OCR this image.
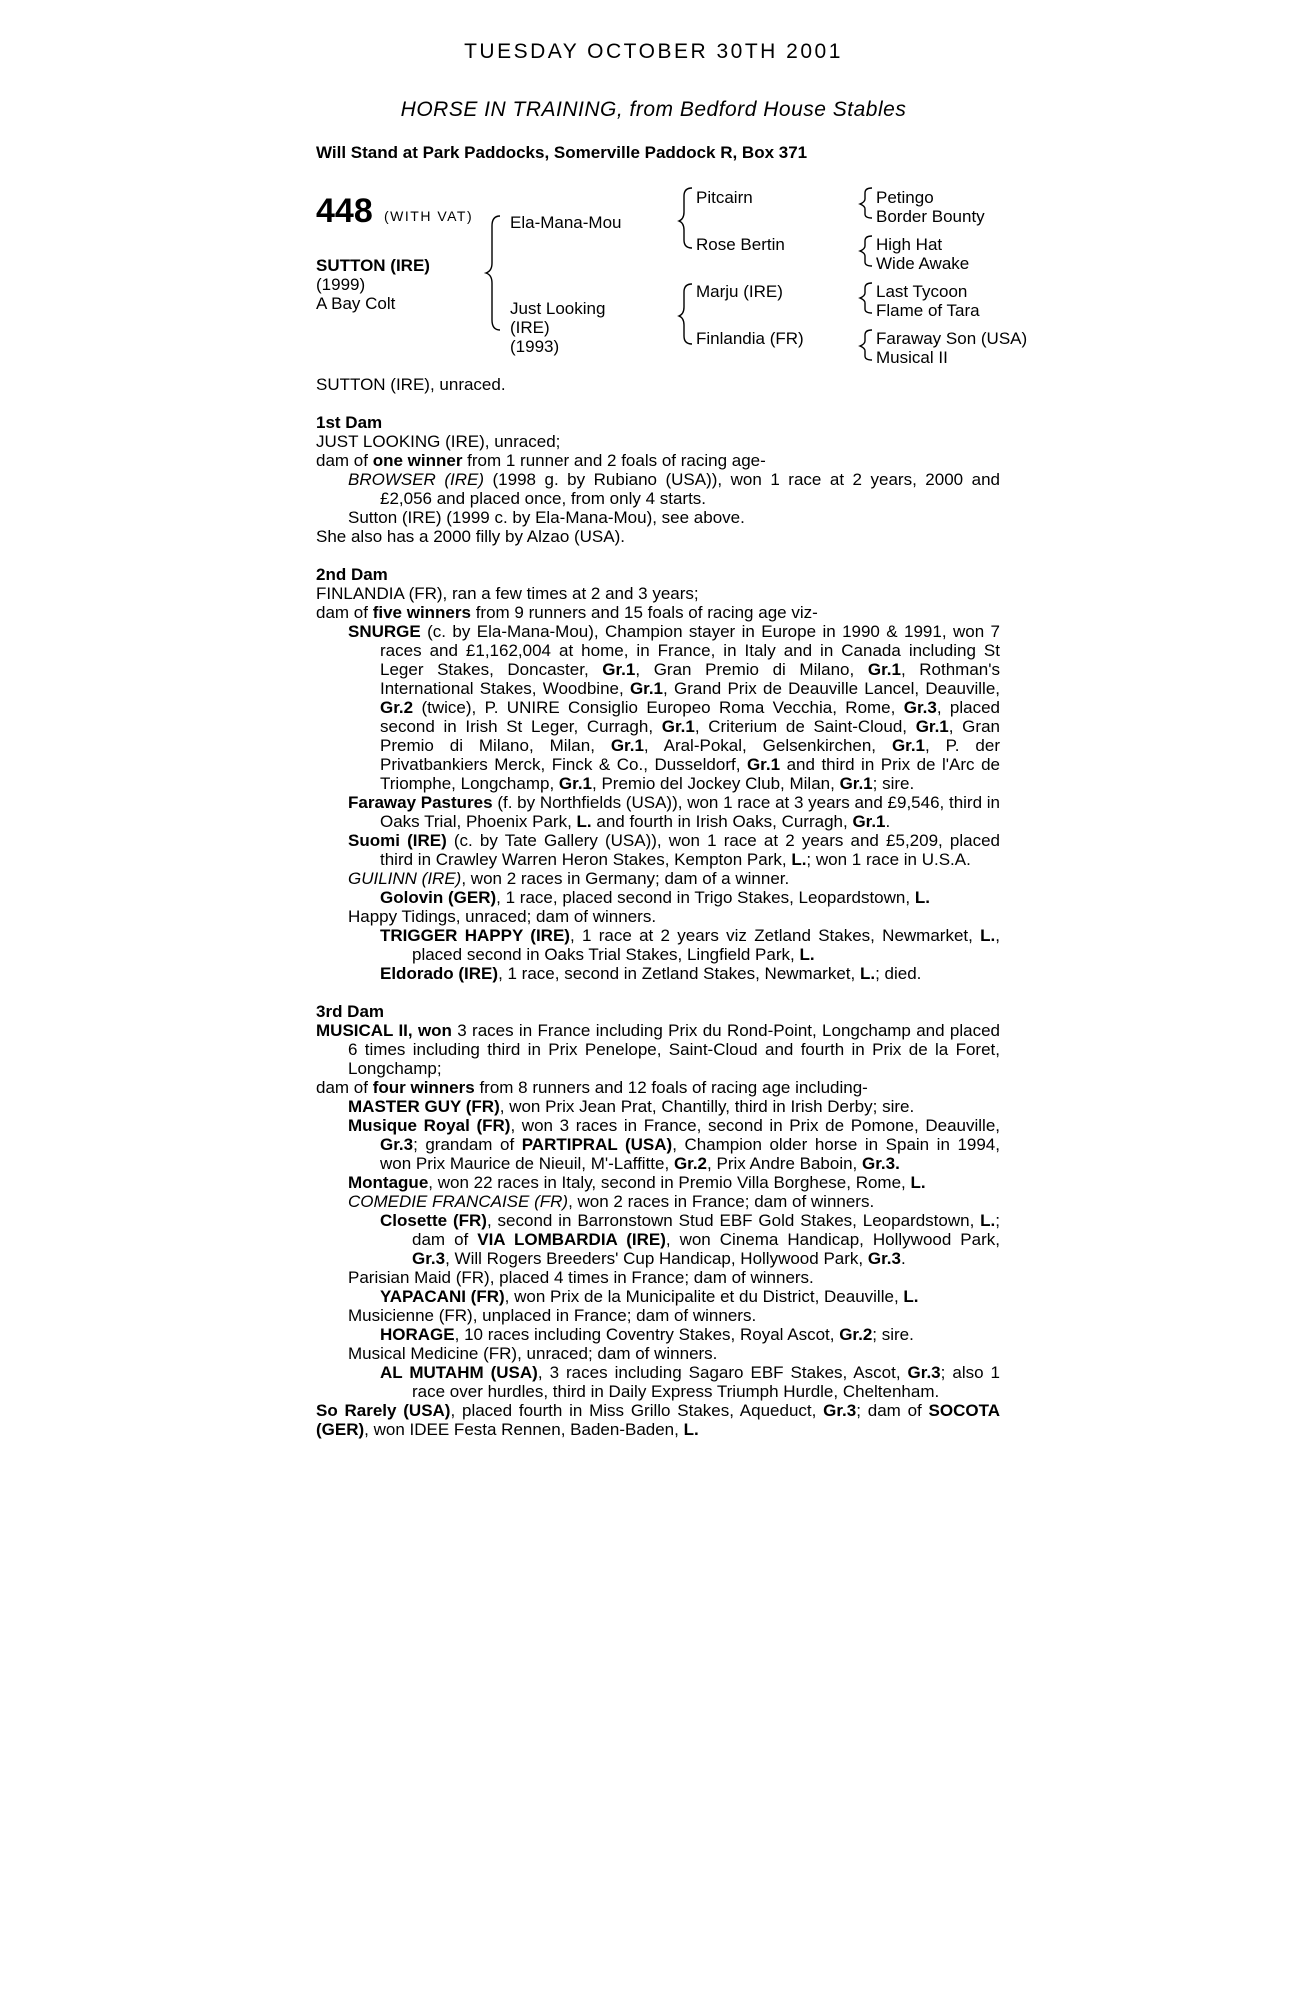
TUESDAY OCTOBER 30TH 2001
HORSE IN TRAINING, from Bedford House Stables
Will Stand at Park Paddocks, Somerville Paddock R, Box 371
448 (WITH VAT)
SUTTON (IRE)
(1999)
A Bay Colt
Ela-Mana-Mou
Just Looking
(IRE)
(1993)
Pitcairn
Rose Bertin
Marju (IRE)
Finlandia (FR)
Petingo
Border Bounty
High Hat
Wide Awake
Last Tycoon
Flame of Tara
Faraway Son (USA)
Musical II
SUTTON (IRE), unraced.

1st Dam

JUST LOOKING (IRE), unraced;

dam of one winner from 1 runner and 2 foals of racing age-

BROWSER (IRE) (1998 g. by Rubiano (USA)), won 1 race at 2 years, 2000 and £2,056 and placed once, from only 4 starts.

Sutton (IRE) (1999 c. by Ela-Mana-Mou), see above.

She also has a 2000 filly by Alzao (USA).

2nd Dam

FINLANDIA (FR), ran a few times at 2 and 3 years;

dam of five winners from 9 runners and 15 foals of racing age viz-

SNURGE (c. by Ela-Mana-Mou), Champion stayer in Europe in 1990 & 1991, won 7 races and £1,162,004 at home, in France, in Italy and in Canada including St Leger Stakes, Doncaster, Gr.1, Gran Premio di Milano, Gr.1, Rothman's International Stakes, Woodbine, Gr.1, Grand Prix de Deauville Lancel, Deauville, Gr.2 (twice), P. UNIRE Consiglio Europeo Roma Vecchia, Rome, Gr.3, placed second in Irish St Leger, Curragh, Gr.1, Criterium de Saint-Cloud, Gr.1, Gran Premio di Milano, Milan, Gr.1, Aral-Pokal, Gelsenkirchen, Gr.1, P. der Privatbankiers Merck, Finck & Co., Dusseldorf, Gr.1 and third in Prix de l'Arc de Triomphe, Longchamp, Gr.1, Premio del Jockey Club, Milan, Gr.1; sire.

Faraway Pastures (f. by Northfields (USA)), won 1 race at 3 years and £9,546, third in Oaks Trial, Phoenix Park, L. and fourth in Irish Oaks, Curragh, Gr.1.

Suomi (IRE) (c. by Tate Gallery (USA)), won 1 race at 2 years and £5,209, placed third in Crawley Warren Heron Stakes, Kempton Park, L.; won 1 race in U.S.A.

GUILINN (IRE), won 2 races in Germany; dam of a winner.

Golovin (GER), 1 race, placed second in Trigo Stakes, Leopardstown, L.

Happy Tidings, unraced; dam of winners.

TRIGGER HAPPY (IRE), 1 race at 2 years viz Zetland Stakes, Newmarket, L., placed second in Oaks Trial Stakes, Lingfield Park, L.

Eldorado (IRE), 1 race, second in Zetland Stakes, Newmarket, L.; died.

3rd Dam

MUSICAL II, won 3 races in France including Prix du Rond-Point, Longchamp and placed 6 times including third in Prix Penelope, Saint-Cloud and fourth in Prix de la Foret, Longchamp;

dam of four winners from 8 runners and 12 foals of racing age including-

MASTER GUY (FR), won Prix Jean Prat, Chantilly, third in Irish Derby; sire.

Musique Royal (FR), won 3 races in France, second in Prix de Pomone, Deauville, Gr.3; grandam of PARTIPRAL (USA), Champion older horse in Spain in 1994, won Prix Maurice de Nieuil, M'-Laffitte, Gr.2, Prix Andre Baboin, Gr.3.

Montague, won 22 races in Italy, second in Premio Villa Borghese, Rome, L.

COMEDIE FRANCAISE (FR), won 2 races in France; dam of winners.

Closette (FR), second in Barronstown Stud EBF Gold Stakes, Leopardstown, L.; dam of VIA LOMBARDIA (IRE), won Cinema Handicap, Hollywood Park, Gr.3, Will Rogers Breeders' Cup Handicap, Hollywood Park, Gr.3.

Parisian Maid (FR), placed 4 times in France; dam of winners.

YAPACANI (FR), won Prix de la Municipalite et du District, Deauville, L.

Musicienne (FR), unplaced in France; dam of winners.

HORAGE, 10 races including Coventry Stakes, Royal Ascot, Gr.2; sire.

Musical Medicine (FR), unraced; dam of winners.

AL MUTAHM (USA), 3 races including Sagaro EBF Stakes, Ascot, Gr.3; also 1 race over hurdles, third in Daily Express Triumph Hurdle, Cheltenham.

So Rarely (USA), placed fourth in Miss Grillo Stakes, Aqueduct, Gr.3; dam of SOCOTA (GER), won IDEE Festa Rennen, Baden-Baden, L.
